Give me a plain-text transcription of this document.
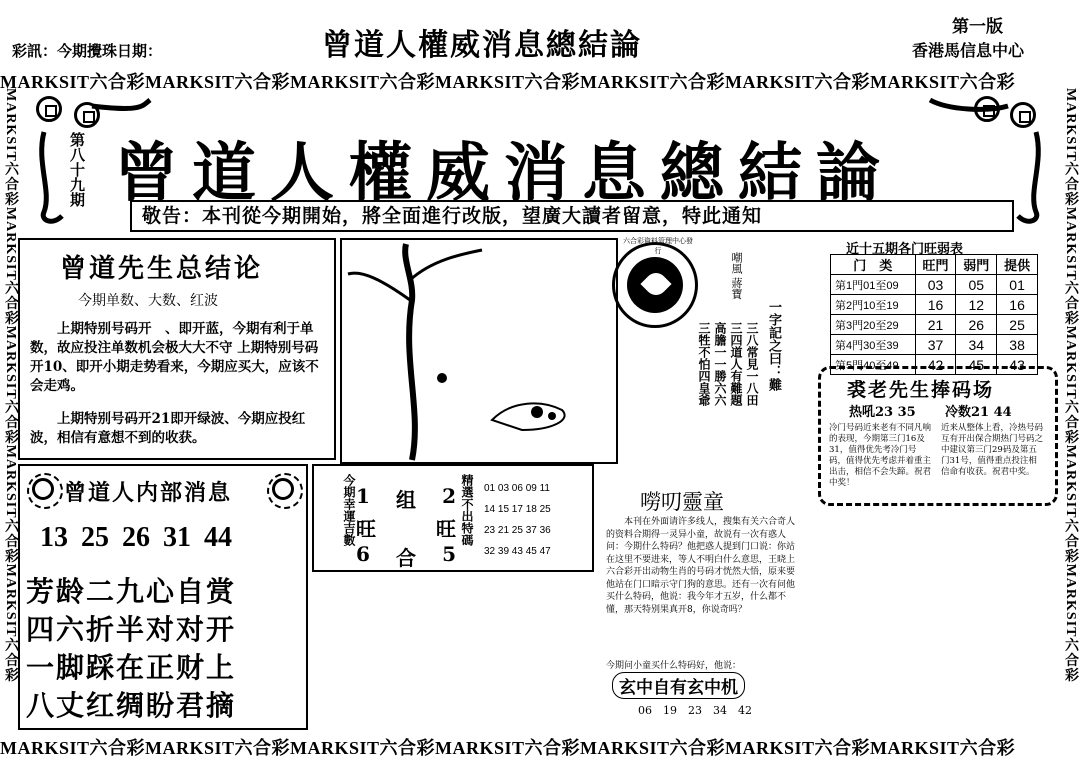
彩訊：今期攪珠日期：	曾道人權威消息總結論
第一版
香港馬信息中心
MARKSIT六合彩MARKSIT六合彩MARKSIT六合彩MARKSIT六合彩MARKSIT六合彩MARKSIT六合彩MARKSIT六合彩
MARKSIT六合彩MARKSIT六合彩MARKSIT六合彩MARKSIT六合彩MARKSIT六合彩MARKSIT六合彩MARKSIT六合彩
MARKSIT六合彩MARKSIT六合彩MARKSIT六合彩MARKSIT六合彩MARKSIT六合彩	MARKSIT六合彩MARKSIT六合彩MARKSIT六合彩MARKSIT六合彩MARKSIT六合彩
第八十九期 曾道人權威消息總結論
敬告：本刊從今期開始，將全面進行改版，望廣大讀者留意，特此通知
曾道先生总结论
今期单数、大数、红波
上期特别号码开　、即开蓝，今期有利于单数，故应投注单数机会极大大不守 上期特别号码开10、即开小期走势看来，今期应买大，应该不会走鸡。
上期特别号码开21即开绿波、今期应投红波，相信有意想不到的收获。
六合彩資料管理中心發行
嘲風 蔣寶
一字記之曰：難
三八常見一八田
三四道人有難題
高膽一一勝六六
三牲不怕四皇爺
近十五期各门旺弱表
门　类	旺門	弱門	提供
第1門01至09	03	05	01
第2門10至19	16	12	16
第3門20至29	21	26	25
第4門30至39	37	34	38
第5門40至49	42	45	43
裘老先生捧码场
热吼23 35 冷数21 44
冷门号码近来老有不同凡响的表现，今期第三门16及31，值得优先考冷门号码，值得优先考虑并着重主出击，相信不会失蹄。祝君中奖！
近来从整体上看，冷热号码互有开出保合期热门号码之中建议第三门29码及第五门31号，值得重点投注相信命有收获。祝君中奖。
曾道人内部消息
13 25 26 31 44
芳龄二九心自赏
四六折半对对开
一脚踩在正财上
八丈红绸盼君摘
今期幸運吉數 1 组 2
旺	旺
6 合 5
精選不出特碼 01 03 06 09 11
14 15 17 18 25
23 21 25 37 36
32 39 43 45 47
嘮叨靈童
本刊在外面请许多线人，搜集有关六合奇人的资料合期得一灵异小童，故说有一次有惑人问：今期什么特码？他把惑人提到门口说：你站在这里不要进来，等人不明白什么意思，王晓上六合彩开出动物生肖的号码才恍然大悟，原来要他站在门口暗示守门狗的意思。还有一次有问他买什么特码，他说：我今年才五岁，什么都不懂，那天特别果真开8，你说奇吗？
今期问小童买什么特码好，他说：
玄中自有玄中机
06　19　23　34　42
